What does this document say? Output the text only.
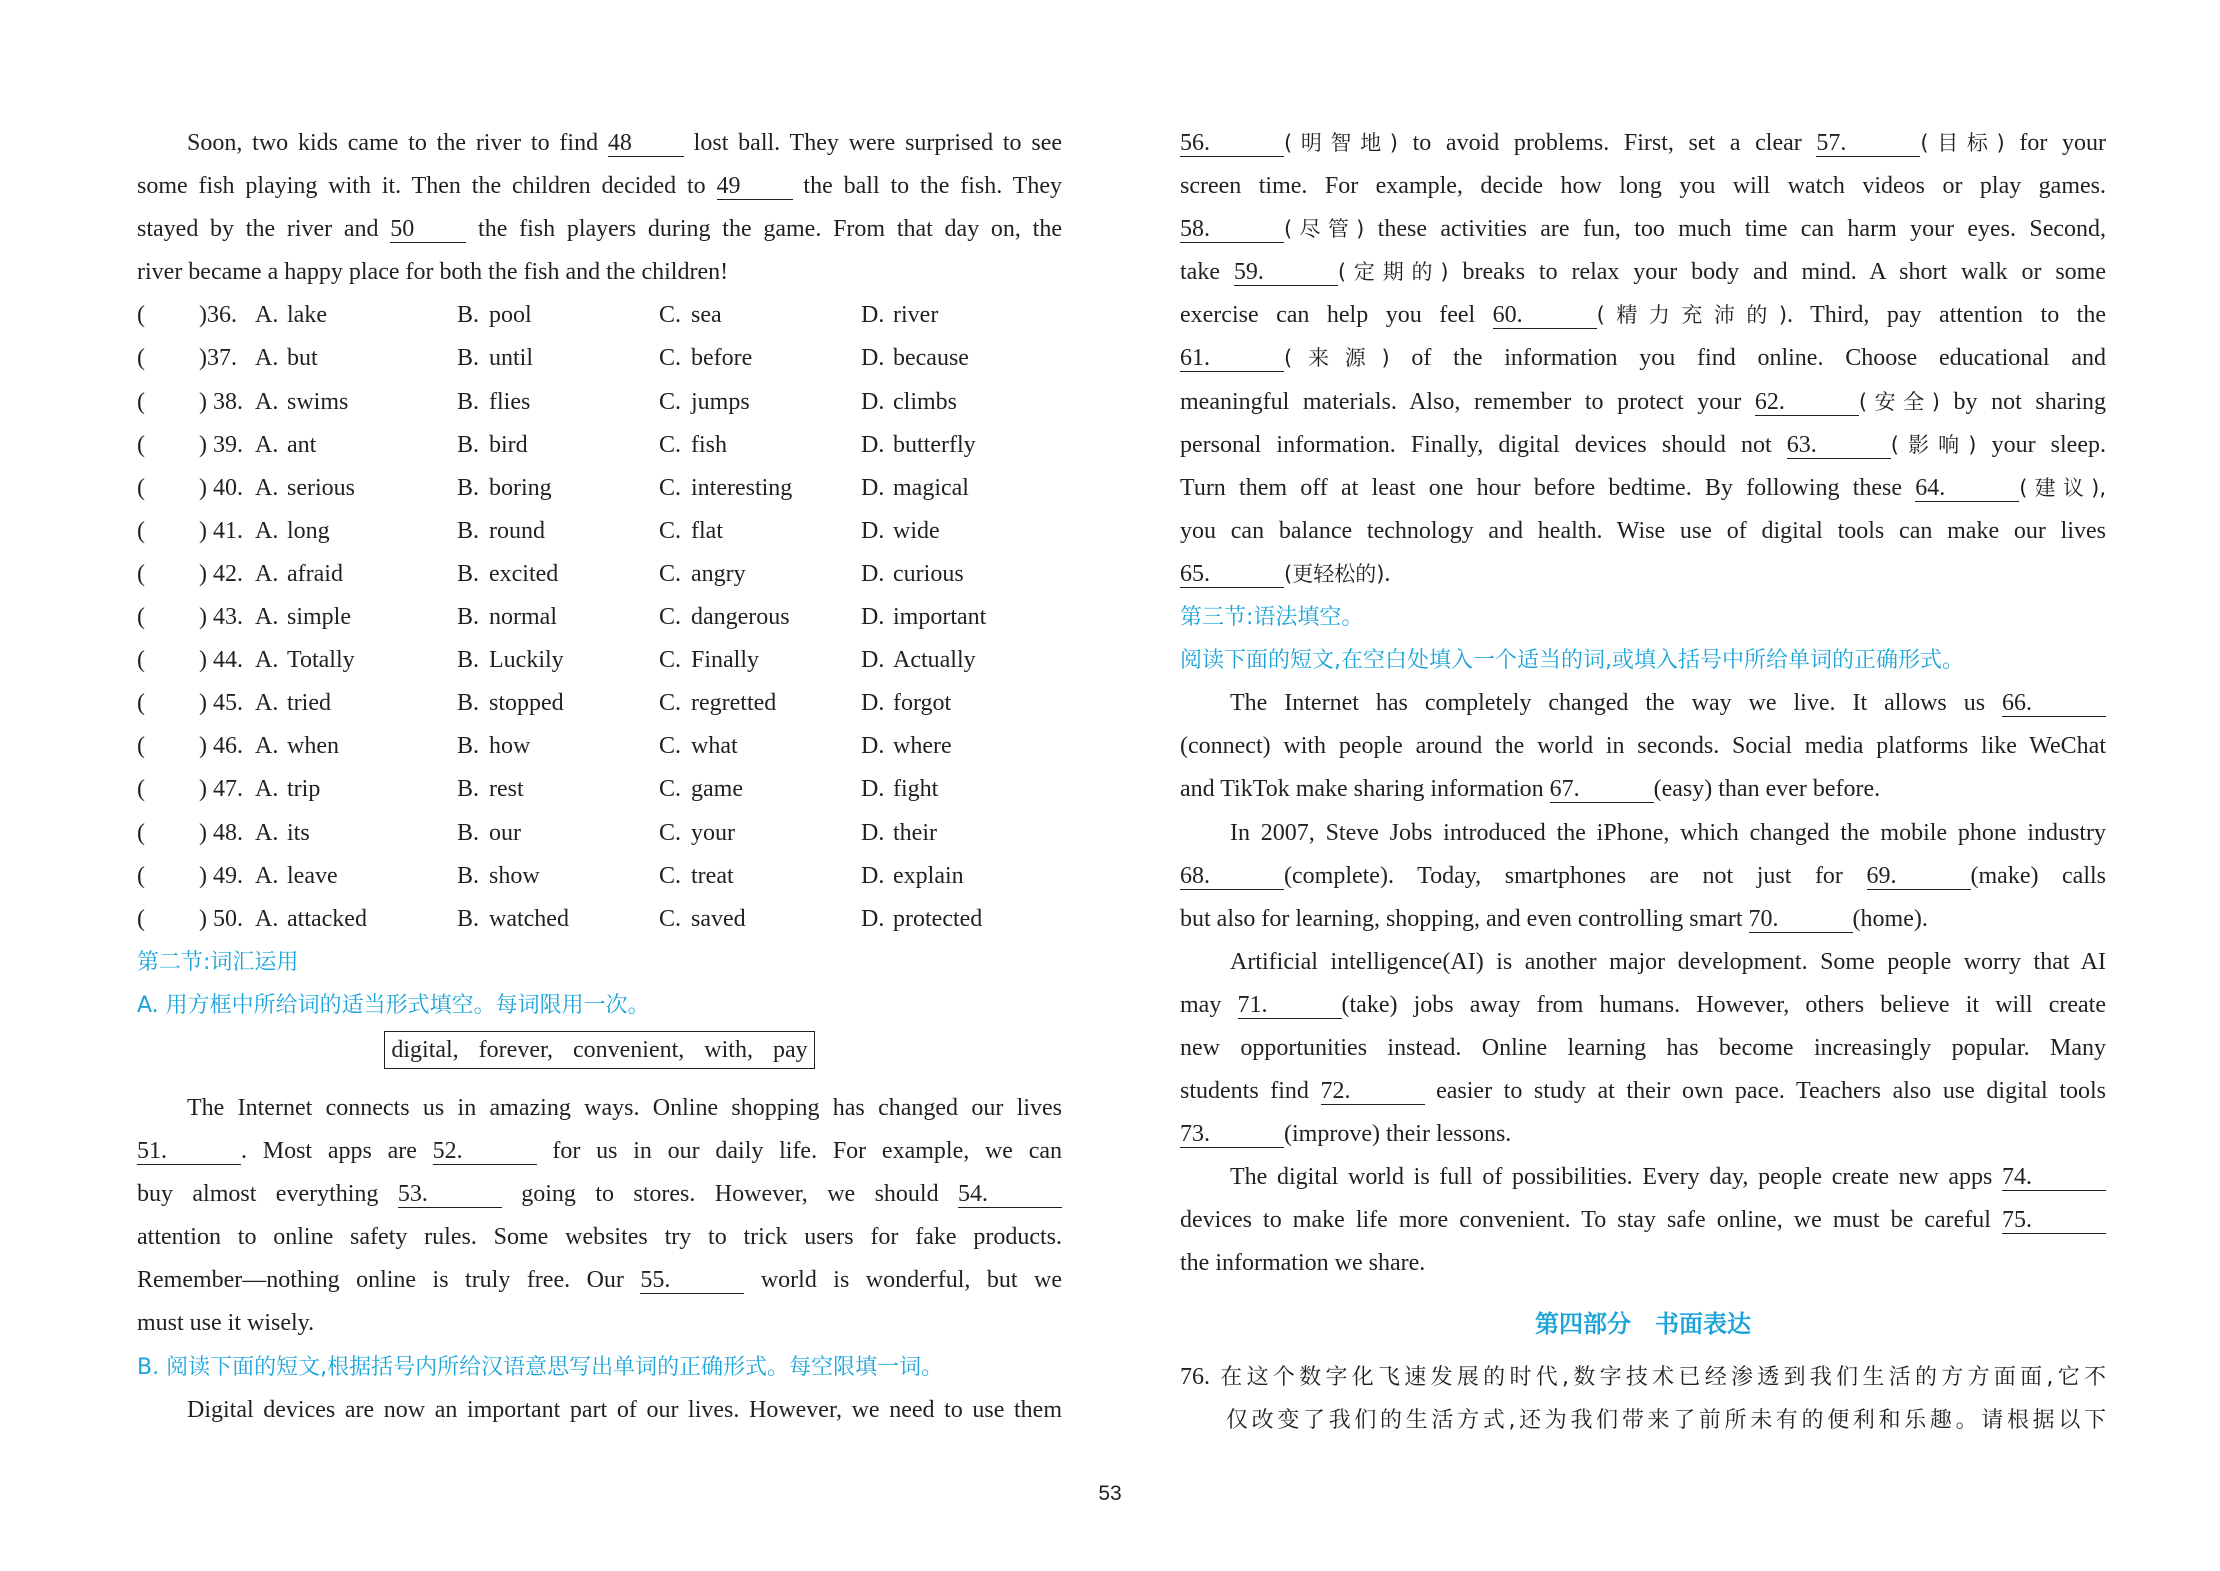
Soon, two kids came to the river to find 48 lost ball. They were surprised to see
some fish playing with it. Then the children decided to 49 the ball to the fish. They
stayed by the river and 50 the fish players during the game. From that day on, the
river became a happy place for both the fish and the children!
(	)36. A. lake	B. pool	C. sea	D. river
(	)37. A. but	B. until	C. before	D. because
(	) 38. A. swims	B. flies	C. jumps	D. climbs
(	) 39. A. ant	B. bird	C. fish	D. butterfly
(	) 40. A. serious	B. boring	C. interesting	D. magical
(	) 41. A. long	B. round	C. flat	D. wide
(	) 42. A. afraid	B. excited	C. angry	D. curious
(	) 43. A. simple	B. normal	C. dangerous	D. important
(	) 44. A. Totally	B. Luckily	C. Finally	D. Actually
(	) 45. A. tried	B. stopped	C. regretted	D. forgot
(	) 46. A. when	B. how	C. what	D. where
(	) 47. A. trip	B. rest	C. game	D. fight
(	) 48. A. its	B. our	C. your	D. their
(	) 49. A. leave	B. show	C. treat	D. explain
(	) 50. A. attacked	B. watched	C. saved	D. protected
第二节:词汇运用
A. 用方框中所给词的适当形式填空。每词限用一次。
digital, forever, convenient, with, pay
The Internet connects us in amazing ways. Online shopping has changed our lives
51.	. Most apps are 52.	for us in our daily life. For example, we can
buy almost everything 53.	going to stores. However, we should 54.
attention to online safety rules. Some websites try to trick users for fake products.
Remember—nothing online is truly free. Our 55.	world is wonderful, but we
must use it wisely.
B. 阅读下面的短文,根据括号内所给汉语意思写出单词的正确形式。每空限填一词。
Digital devices are now an important part of our lives. However, we need to use them
56.	(明智地) to avoid problems. First, set a clear 57.	(目标) for your
screen time. For example, decide how long you will watch videos or play games.
58.	(尽管) these activities are fun, too much time can harm your eyes. Second,
take 59.	(定期的) breaks to relax your body and mind. A short walk or some
exercise can help you feel 60.	(精力充沛的). Third, pay attention to the
61.	(来源) of the information you find online. Choose educational and
meaningful materials. Also, remember to protect your 62.	(安全) by not sharing
personal information. Finally, digital devices should not 63.	(影响) your sleep.
Turn them off at least one hour before bedtime. By following these 64.	(建议),
you can balance technology and health. Wise use of digital tools can make our lives
65.	(更轻松的).
第三节:语法填空。
阅读下面的短文,在空白处填入一个适当的词,或填入括号中所给单词的正确形式。
The Internet has completely changed the way we live. It allows us 66.
(connect) with people around the world in seconds. Social media platforms like WeChat
and TikTok make sharing information 67.	(easy) than ever before.
In 2007, Steve Jobs introduced the iPhone, which changed the mobile phone industry
68.	(complete). Today, smartphones are not just for 69.	(make) calls
but also for learning, shopping, and even controlling smart 70.	(home).
Artificial intelligence(AI) is another major development. Some people worry that AI
may 71.	(take) jobs away from humans. However, others believe it will create
new opportunities instead. Online learning has become increasingly popular. Many
students find 72.	easier to study at their own pace. Teachers also use digital tools
73.	(improve) their lessons.
The digital world is full of possibilities. Every day, people create new apps 74.
devices to make life more convenient. To stay safe online, we must be careful 75.
the information we share.
第四部分　书面表达
76. 在这个数字化飞速发展的时代,数字技术已经渗透到我们生活的方方面面,它不
仅改变了我们的生活方式,还为我们带来了前所未有的便利和乐趣。请根据以下
53
